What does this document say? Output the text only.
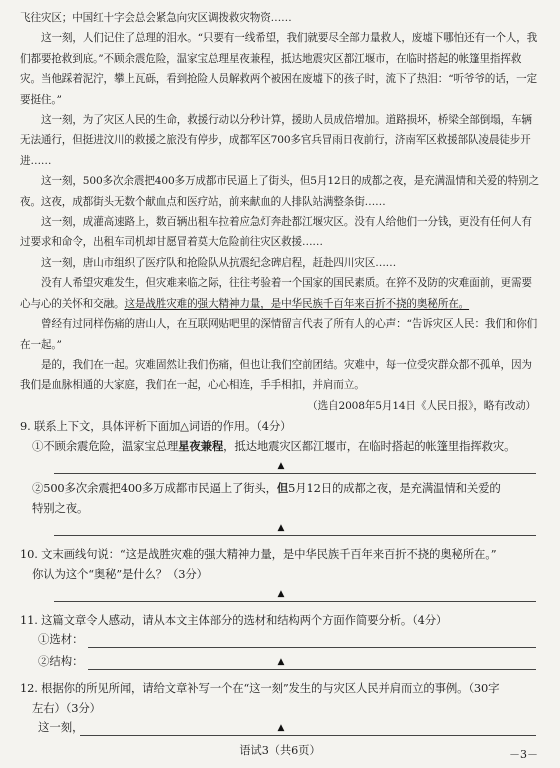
飞往灾区；中国红十字会总会紧急向灾区调拨救灾物资……

这一刻，人们记住了总理的泪水。“只要有一线希望，我们就要尽全部力量救人，废墟下哪怕还有一个人，我们都要抢救到底。”不顾余震危险，温家宝总理星夜兼程，抵达地震灾区都江堰市，在临时搭起的帐篷里指挥救灾。当他踩着泥泞，攀上瓦砾，看到抢险人员解救两个被困在废墟下的孩子时，流下了热泪：“听爷爷的话，一定要挺住。”

这一刻，为了灾区人民的生命，救援行动以分秒计算，援助人员成倍增加。道路损坏，桥梁全部倒塌，车辆无法通行，但挺进汶川的救援之旅没有停步，成都军区700多官兵冒雨日夜前行，济南军区救援部队凌晨徒步开进……

这一刻，500多次余震把400多万成都市民逼上了街头，但5月12日的成都之夜，是充满温情和关爱的特别之夜。这夜，成都街头无数个献血点和医疗站，前来献血的人排队站满整条街……

这一刻，成灌高速路上，数百辆出租车拉着应急灯奔赴都江堰灾区。没有人给他们一分钱，更没有任何人有过要求和命令，出租车司机却甘愿冒着莫大危险前往灾区救援……

这一刻，唐山市组织了医疗队和抢险队从抗震纪念碑启程，赶赴四川灾区……

没有人希望灾难发生，但灾难来临之际，往往考验着一个国家的国民素质。在猝不及防的灾难面前，更需要心与心的关怀和交融。这是战胜灾难的强大精神力量，是中华民族千百年来百折不挠的奥秘所在。

曾经有过同样伤痛的唐山人，在互联网贴吧里的深情留言代表了所有人的心声：“告诉灾区人民：我们和你们在一起。”

是的，我们在一起。灾难固然让我们伤痛，但也让我们空前团结。灾难中，每一位受灾群众都不孤单，因为我们是血脉相通的大家庭，我们在一起，心心相连，手手相扣，并肩而立。

（选自2008年5月14日《人民日报》，略有改动）

9. 联系上下文，具体评析下面加△词语的作用。（4分）

①不顾余震危险，温家宝总理星夜兼程，抵达地震灾区都江堰市，在临时搭起的帐篷里指挥救灾。

▲

②500多次余震把400多万成都市民逼上了街头，但5月12日的成都之夜，是充满温情和关爱的

特别之夜。

▲

10. 文末画线句说：“这是战胜灾难的强大精神力量，是中华民族千百年来百折不挠的奥秘所在。”

你认为这个“奥秘”是什么？（3分）

▲

11. 这篇文章令人感动，请从本文主体部分的选材和结构两个方面作简要分析。（4分）

①选材：
②结构：	▲

12. 根据你的所见所闻，请给文章补写一个在“这一刻”发生的与灾区人民并肩而立的事例。（30字

左右）（3分）

这一刻，	▲
语试3（共6页）	－3－
